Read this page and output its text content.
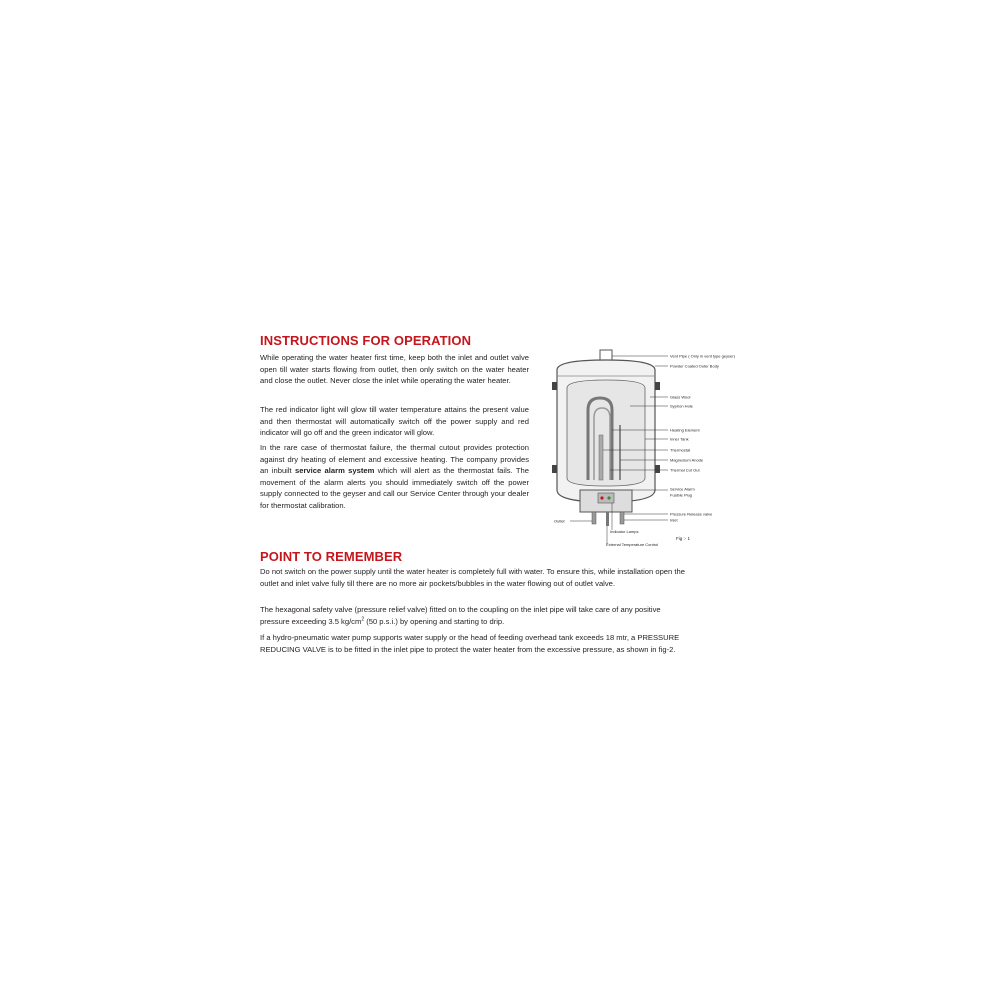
INSTRUCTIONS FOR OPERATION

While operating the water heater first time, keep both the inlet and outlet valve open till water starts flowing from outlet, then only switch on the water heater and close the outlet. Never close the inlet while operating the water heater.

The red indicator light will glow till water temperature attains the present value and then thermostat will automatically switch off the power supply and red indicator will go off and the green indicator will glow.

In the rare case of thermostat failure, the thermal cutout provides protection against dry heating of element and excessive heating. The company provides an inbuilt service alarm system which will alert as the thermostat fails. The movement of the alarm alerts you should immediately switch off the power supply connected to the geyser and call our Service Center through your dealer for thermostat calibration.

Vent Pipe ( Only in vent type geyser)
Powder Coated Outer Body
Glass Wool
Syphon Hole
Heating Element
Inner Tank
Thermostat
Magnesium Anode
Thermal Cut Out
Service Alarm
Fusible Plug
Pressure Release valve
Inlet
Outlet
Indicator Lamps
External Temperature Control
Fig :- 1
POINT TO REMEMBER

Do not switch on the power supply until the water heater is completely full with water. To ensure this, while installation open the outlet and inlet valve fully till there are no more air pockets/bubbles in the water flowing out of outlet valve.

The hexagonal safety valve (pressure relief valve) fitted on to the coupling on the inlet pipe will take care of any positive pressure exceeding 3.5 $kg/cm^2$ (50 p.s.i.) by opening and starting to drip.

If a hydro-pneumatic water pump supports water supply or the head of feeding overhead tank exceeds 18 mtr, a PRESSURE REDUCING VALVE is to be fitted in the inlet pipe to protect the water heater from the excessive pressure, as shown in fig-2.
